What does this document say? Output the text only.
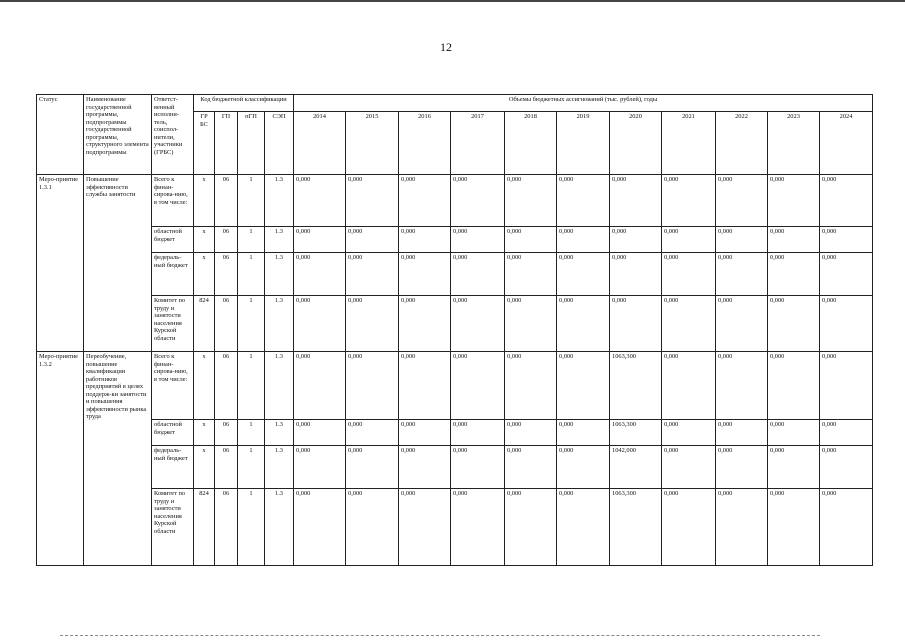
12
Статус	Наименование государственной программы, подпрограммы государственной программы, структурного элемента подпрограммы	Ответст-венный исполни-тель, соиспол-нители, участники (ГРБС)	Код бюджетной классификации				Объемы бюджетных ассигнований (тыс. рублей), годы										
			ГР БС	ГП	пГП	СЭП	2014	2015	2016	2017	2018	2019	2020	2021	2022	2023	2024
Меро-приятие 1.3.1	Повышение эффективности службы занятости	Всего к финан-сирова-нию, в том числе:	х	06	1	1.3	0,000	0,000	0,000	0,000	0,000	0,000	0,000	0,000	0,000	0,000	0,000
		областной бюджет	х	06	1	1.3	0,000	0,000	0,000	0,000	0,000	0,000	0,000	0,000	0,000	0,000	0,000
		федераль-ный бюджет	х	06	1	1.3	0,000	0,000	0,000	0,000	0,000	0,000	0,000	0,000	0,000	0,000	0,000
		Комитет по труду и занятости населения Курской области	824	06	1	1.3	0,000	0,000	0,000	0,000	0,000	0,000	0,000	0,000	0,000	0,000	0,000
Меро-приятие 1.3.2	Переобучение, повышение квалификации работников предприятий в целях поддерж-ки занятости и повышения эффективности рынка труда	Всего к финан-сирова-нию, в том числе:	х	06	1	1.3	0,000	0,000	0,000	0,000	0,000	0,000	1063,300	0,000	0,000	0,000	0,000
		областной бюджет	х	06	1	1.3	0,000	0,000	0,000	0,000	0,000	0,000	1063,300	0,000	0,000	0,000	0,000
		федераль-ный бюджет	х	06	1	1.3	0,000	0,000	0,000	0,000	0,000	0,000	1042,000	0,000	0,000	0,000	0,000
		Комитет по труду и занятости населения Курской области	824	06	1	1.3	0,000	0,000	0,000	0,000	0,000	0,000	1063,300	0,000	0,000	0,000	0,000
